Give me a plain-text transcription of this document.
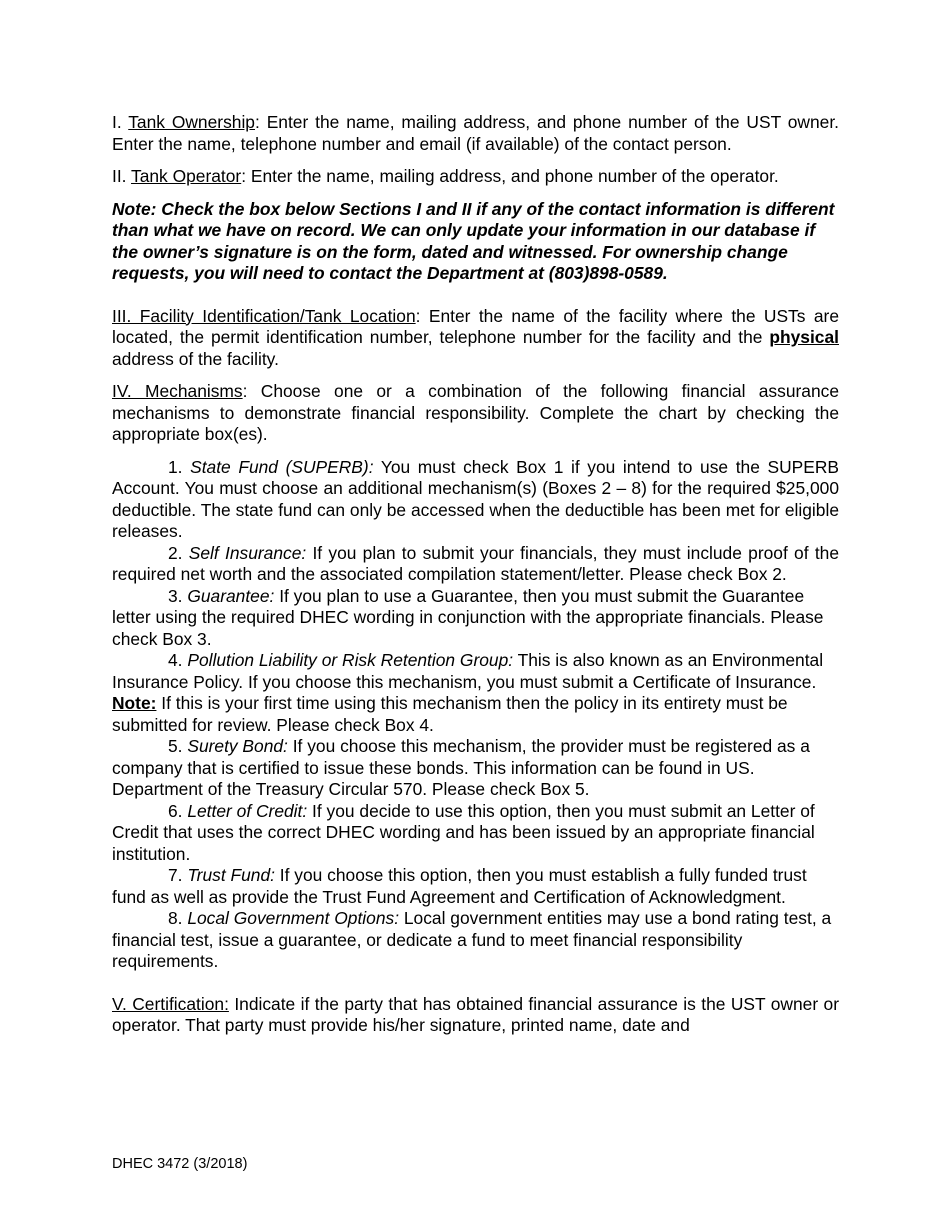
I. Tank Ownership: Enter the name, mailing address, and phone number of the UST owner. Enter the name, telephone number and email (if available) of the contact person.

II. Tank Operator: Enter the name, mailing address, and phone number of the operator.

Note: Check the box below Sections I and II if any of the contact information is different than what we have on record. We can only update your information in our database if the owner’s signature is on the form, dated and witnessed. For ownership change requests, you will need to contact the Department at (803)898-0589.

III. Facility Identification/Tank Location: Enter the name of the facility where the USTs are located, the permit identification number, telephone number for the facility and the physical address of the facility.

IV. Mechanisms: Choose one or a combination of the following financial assurance mechanisms to demonstrate financial responsibility. Complete the chart by checking the appropriate box(es).

1. State Fund (SUPERB): You must check Box 1 if you intend to use the SUPERB Account. You must choose an additional mechanism(s) (Boxes 2 – 8) for the required $25,000 deductible. The state fund can only be accessed when the deductible has been met for eligible releases.

2. Self Insurance: If you plan to submit your financials, they must include proof of the required net worth and the associated compilation statement/letter. Please check Box 2.

3. Guarantee: If you plan to use a Guarantee, then you must submit the Guarantee letter using the required DHEC wording in conjunction with the appropriate financials. Please check Box 3.

4. Pollution Liability or Risk Retention Group: This is also known as an Environmental Insurance Policy. If you choose this mechanism, you must submit a Certificate of Insurance. Note: If this is your first time using this mechanism then the policy in its entirety must be submitted for review. Please check Box 4.

5. Surety Bond: If you choose this mechanism, the provider must be registered as a company that is certified to issue these bonds. This information can be found in US. Department of the Treasury Circular 570. Please check Box 5.

6. Letter of Credit: If you decide to use this option, then you must submit an Letter of Credit that uses the correct DHEC wording and has been issued by an appropriate financial institution.

7. Trust Fund: If you choose this option, then you must establish a fully funded trust fund as well as provide the Trust Fund Agreement and Certification of Acknowledgment.

8. Local Government Options: Local government entities may use a bond rating test, a financial test, issue a guarantee, or dedicate a fund to meet financial responsibility requirements.

V. Certification: Indicate if the party that has obtained financial assurance is the UST owner or operator. That party must provide his/her signature, printed name, date and

DHEC 3472 (3/2018)
